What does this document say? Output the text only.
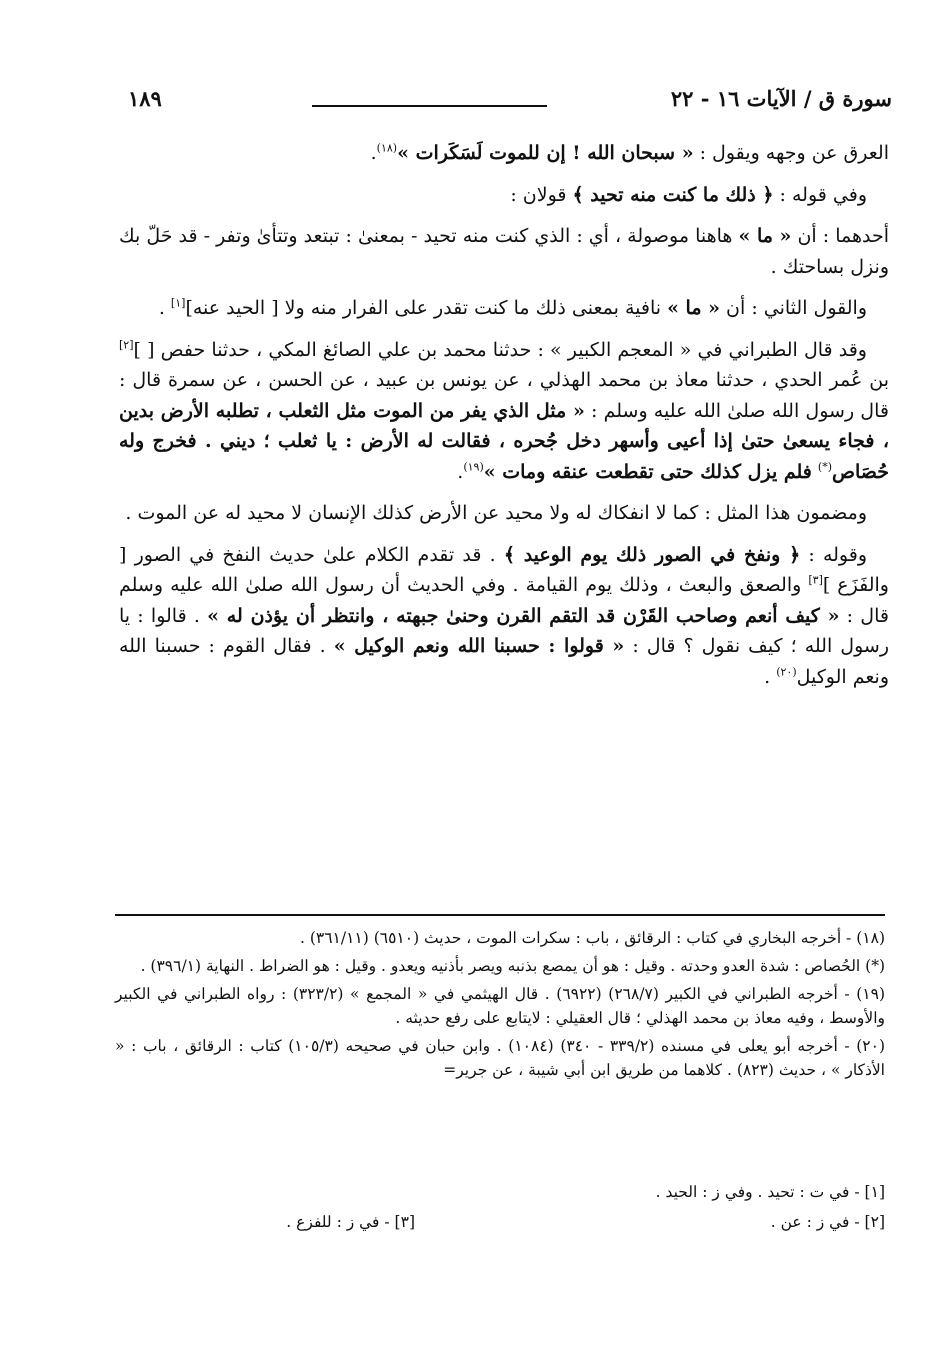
سورة ق / الآيات ١٦ - ٢٢
١٨٩

العرق عن وجهه ويقول : « سبحان الله ! إن للموت لَسَكَرات »$^{(١٨)}$.

وفي قوله : ﴿ ذلك ما كنت منه تحيد ﴾ قولان :

أحدهما : أن « ما » هاهنا موصولة ، أي : الذي كنت منه تحيد - بمعنىٰ : تبتعد وتتأىٰ وتفر - قد حَلّ بك ونزل بساحتك .

والقول الثاني : أن « ما » نافية بمعنى ذلك ما كنت تقدر على الفرار منه ولا [ الحيد عنه][١] .

وقد قال الطبراني في « المعجم الكبير » : حدثنا محمد بن علي الصائغ المكي ، حدثنا حفص [ ][٢] بن عُمر الحدي ، حدثنا معاذ بن محمد الهذلي ، عن يونس بن عبيد ، عن الحسن ، عن سمرة قال : قال رسول الله صلىٰ الله عليه وسلم : « مثل الذي يفر من الموت مثل الثعلب ، تطلبه الأرض بدين ، فجاء يسعىٰ حتىٰ إذا أعيى وأسهر دخل جُحره ، فقالت له الأرض : يا ثعلب ؛ ديني . فخرج وله حُصَاص(*) فلم يزل كذلك حتى تقطعت عنقه ومات »$^{(١٩)}$.

ومضمون هذا المثل : كما لا انفكاك له ولا محيد عن الأرض كذلك الإنسان لا محيد له عن الموت .

وقوله : ﴿ ونفخ في الصور ذلك يوم الوعيد ﴾ . قد تقدم الكلام علىٰ حديث النفخ في الصور [ والفَزَع ][٣] والصعق والبعث ، وذلك يوم القيامة . وفي الحديث أن رسول الله صلىٰ الله عليه وسلم قال : « كيف أنعم وصاحب القَرْن قد التقم القرن وحنىٰ جبهته ، وانتظر أن يؤذن له » . قالوا : يا رسول الله ؛ كيف نقول ؟ قال : « قولوا : حسبنا الله ونعم الوكيل » . فقال القوم : حسبنا الله ونعم الوكيل$^{(٢٠)}$ .

(١٨) - أخرجه البخاري في كتاب : الرقائق ، باب : سكرات الموت ، حديث (٦٥١٠) (٣٦١/١١) .

(*) الحُصاص : شدة العدو وحدته . وقيل : هو أن يمصع بذنبه ويصر بأذنيه ويعدو . وقيل : هو الضراط . النهاية (٣٩٦/١) .

(١٩) - أخرجه الطبراني في الكبير (٢٦٨/٧) (٦٩٢٢) . قال الهيثمي في « المجمع » (٣٢٣/٢) : رواه الطبراني في الكبير والأوسط ، وفيه معاذ بن محمد الهذلي ؛ قال العقيلي : لايتابع على رفع حديثه .

(٢٠) - أخرجه أبو يعلى في مسنده (٣٣٩/٢ - ٣٤٠) (١٠٨٤) . وابن حبان في صحيحه (١٠٥/٣) كتاب : الرقائق ، باب : « الأذكار » ، حديث (٨٢٣) . كلاهما من طريق ابن أبي شيبة ، عن جرير=

[١] - في ت : تحيد . وفي ز : الحيد .
[٢] - في ز : عن .
[٣] - في ز : للفزع .
